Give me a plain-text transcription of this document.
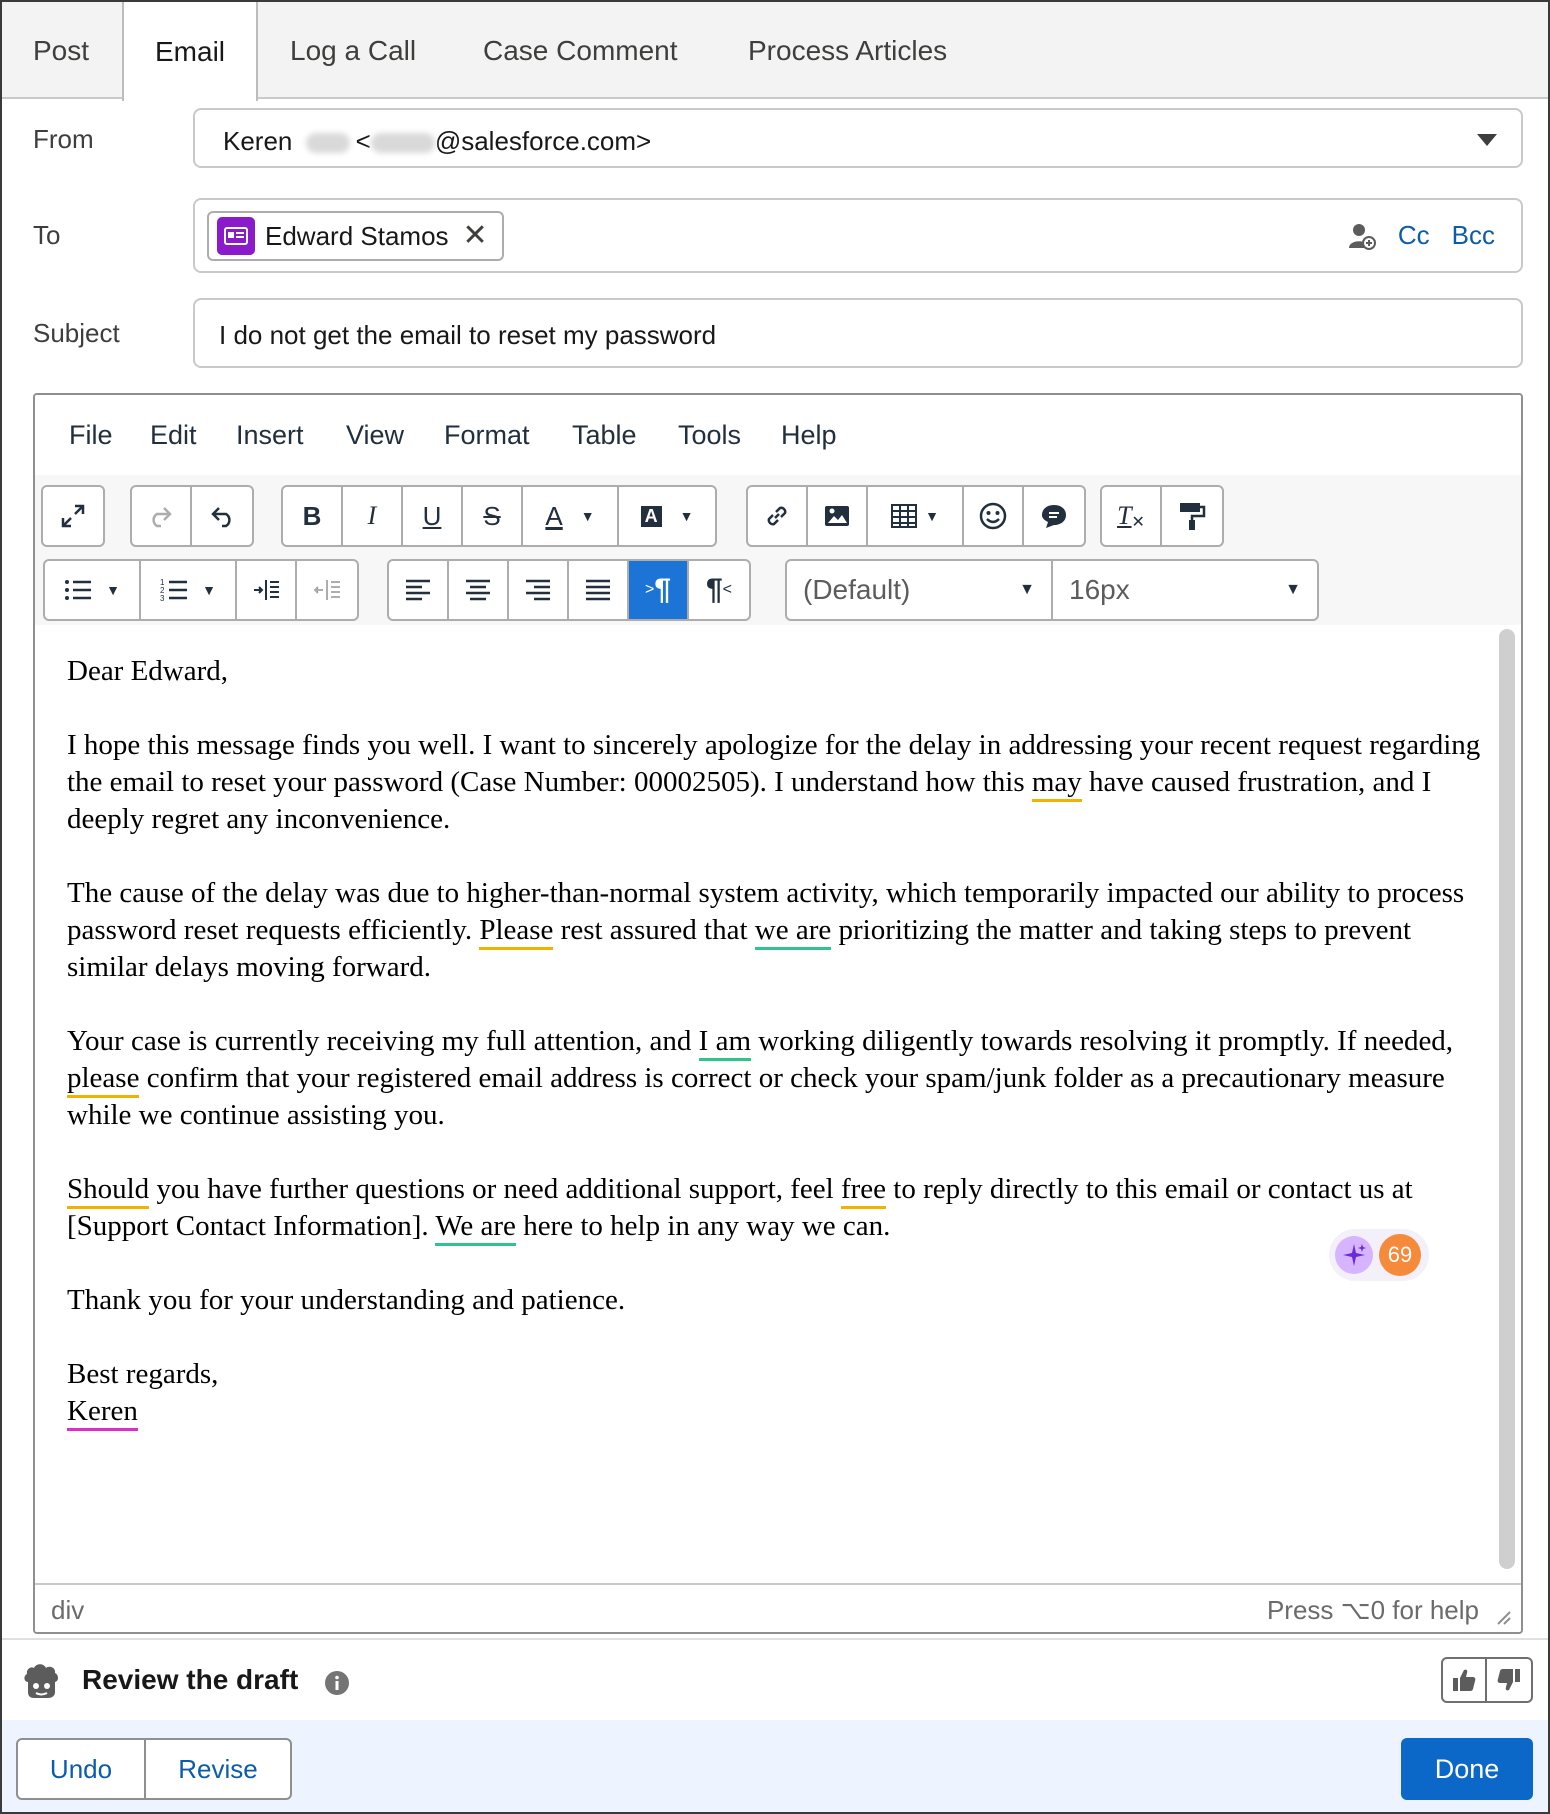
Post	Email	Log a Call	Case Comment	Process Articles
From	Keren < @salesforce.com>
To	Edward Stamos ✕	Cc Bcc
Subject	I do not get the email to reset my password
File Edit Insert View Format Table Tools Help
B	I	U	S	A ▼	A ▼	▼	T ✕
▼	1
2
3
▼	> ¶ ¶ <	(Default)	▼ 16px	▼

Dear Edward,

I hope this message finds you well. I want to sincerely apologize for the delay in addressing your recent request regarding the email to reset your password (Case Number: 00002505). I understand how this may have caused frustration, and I deeply regret any inconvenience.

The cause of the delay was due to higher-than-normal system activity, which temporarily impacted our ability to process password reset requests efficiently. Please rest assured that we are prioritizing the matter and taking steps to prevent similar delays moving forward.

Your case is currently receiving my full attention, and I am working diligently towards resolving it promptly. If needed, please confirm that your registered email address is correct or check your spam/junk folder as a precautionary measure while we continue assisting you.

Should you have further questions or need additional support, feel free to reply directly to this email or contact us at [Support Contact Information]. We are here to help in any way we can.

Thank you for your understanding and patience.

Best regards,
Keren
69
div	Press ⌥0 for help
Review the draft
Undo	Revise	Done
